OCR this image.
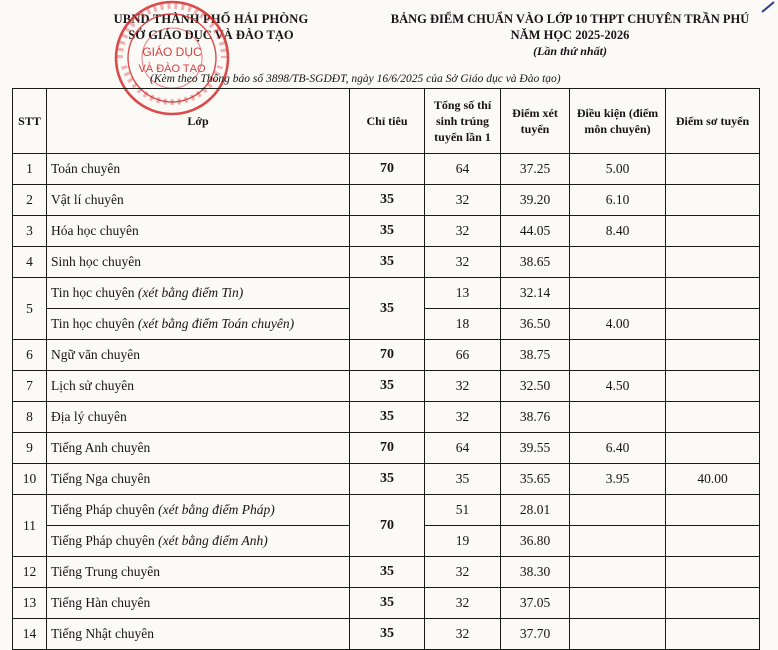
UBND THÀNH PHỐ HẢI PHÒNG
SỞ GIÁO DỤC VÀ ĐÀO TẠO
GIÁO DỤC
VÀ ĐÀO TẠO
BẢNG ĐIỂM CHUẨN VÀO LỚP 10 THPT CHUYÊN TRẦN PHÚ
NĂM HỌC 2025-2026
(Lần thứ nhất)
(Kèm theo Thông báo số 3898/TB-SGDĐT, ngày 16/6/2025 của Sở Giáo dục và Đào tạo)
STT	Lớp	Chỉ tiêu	Tổng số thí sinh trúng tuyển lần 1	Điểm xét tuyển	Điều kiện (điểm môn chuyên)	Điểm sơ tuyển
1	Toán chuyên	70	64	37.25	5.00	
2	Vật lí chuyên	35	32	39.20	6.10	
3	Hóa học chuyên	35	32	44.05	8.40	
4	Sinh học chuyên	35	32	38.65		
5	Tin học chuyên (xét bằng điểm Tin)	35	13	32.14		
	Tin học chuyên (xét bằng điểm Toán chuyên)		18	36.50	4.00	
6	Ngữ văn chuyên	70	66	38.75		
7	Lịch sử chuyên	35	32	32.50	4.50	
8	Địa lý chuyên	35	32	38.76		
9	Tiếng Anh chuyên	70	64	39.55	6.40	
10	Tiếng Nga chuyên	35	35	35.65	3.95	40.00
11	Tiếng Pháp chuyên (xét bằng điểm Pháp)	70	51	28.01		
	Tiếng Pháp chuyên (xét bằng điểm Anh)		19	36.80		
12	Tiếng Trung chuyên	35	32	38.30		
13	Tiếng Hàn chuyên	35	32	37.05		
14	Tiếng Nhật chuyên	35	32	37.70		
